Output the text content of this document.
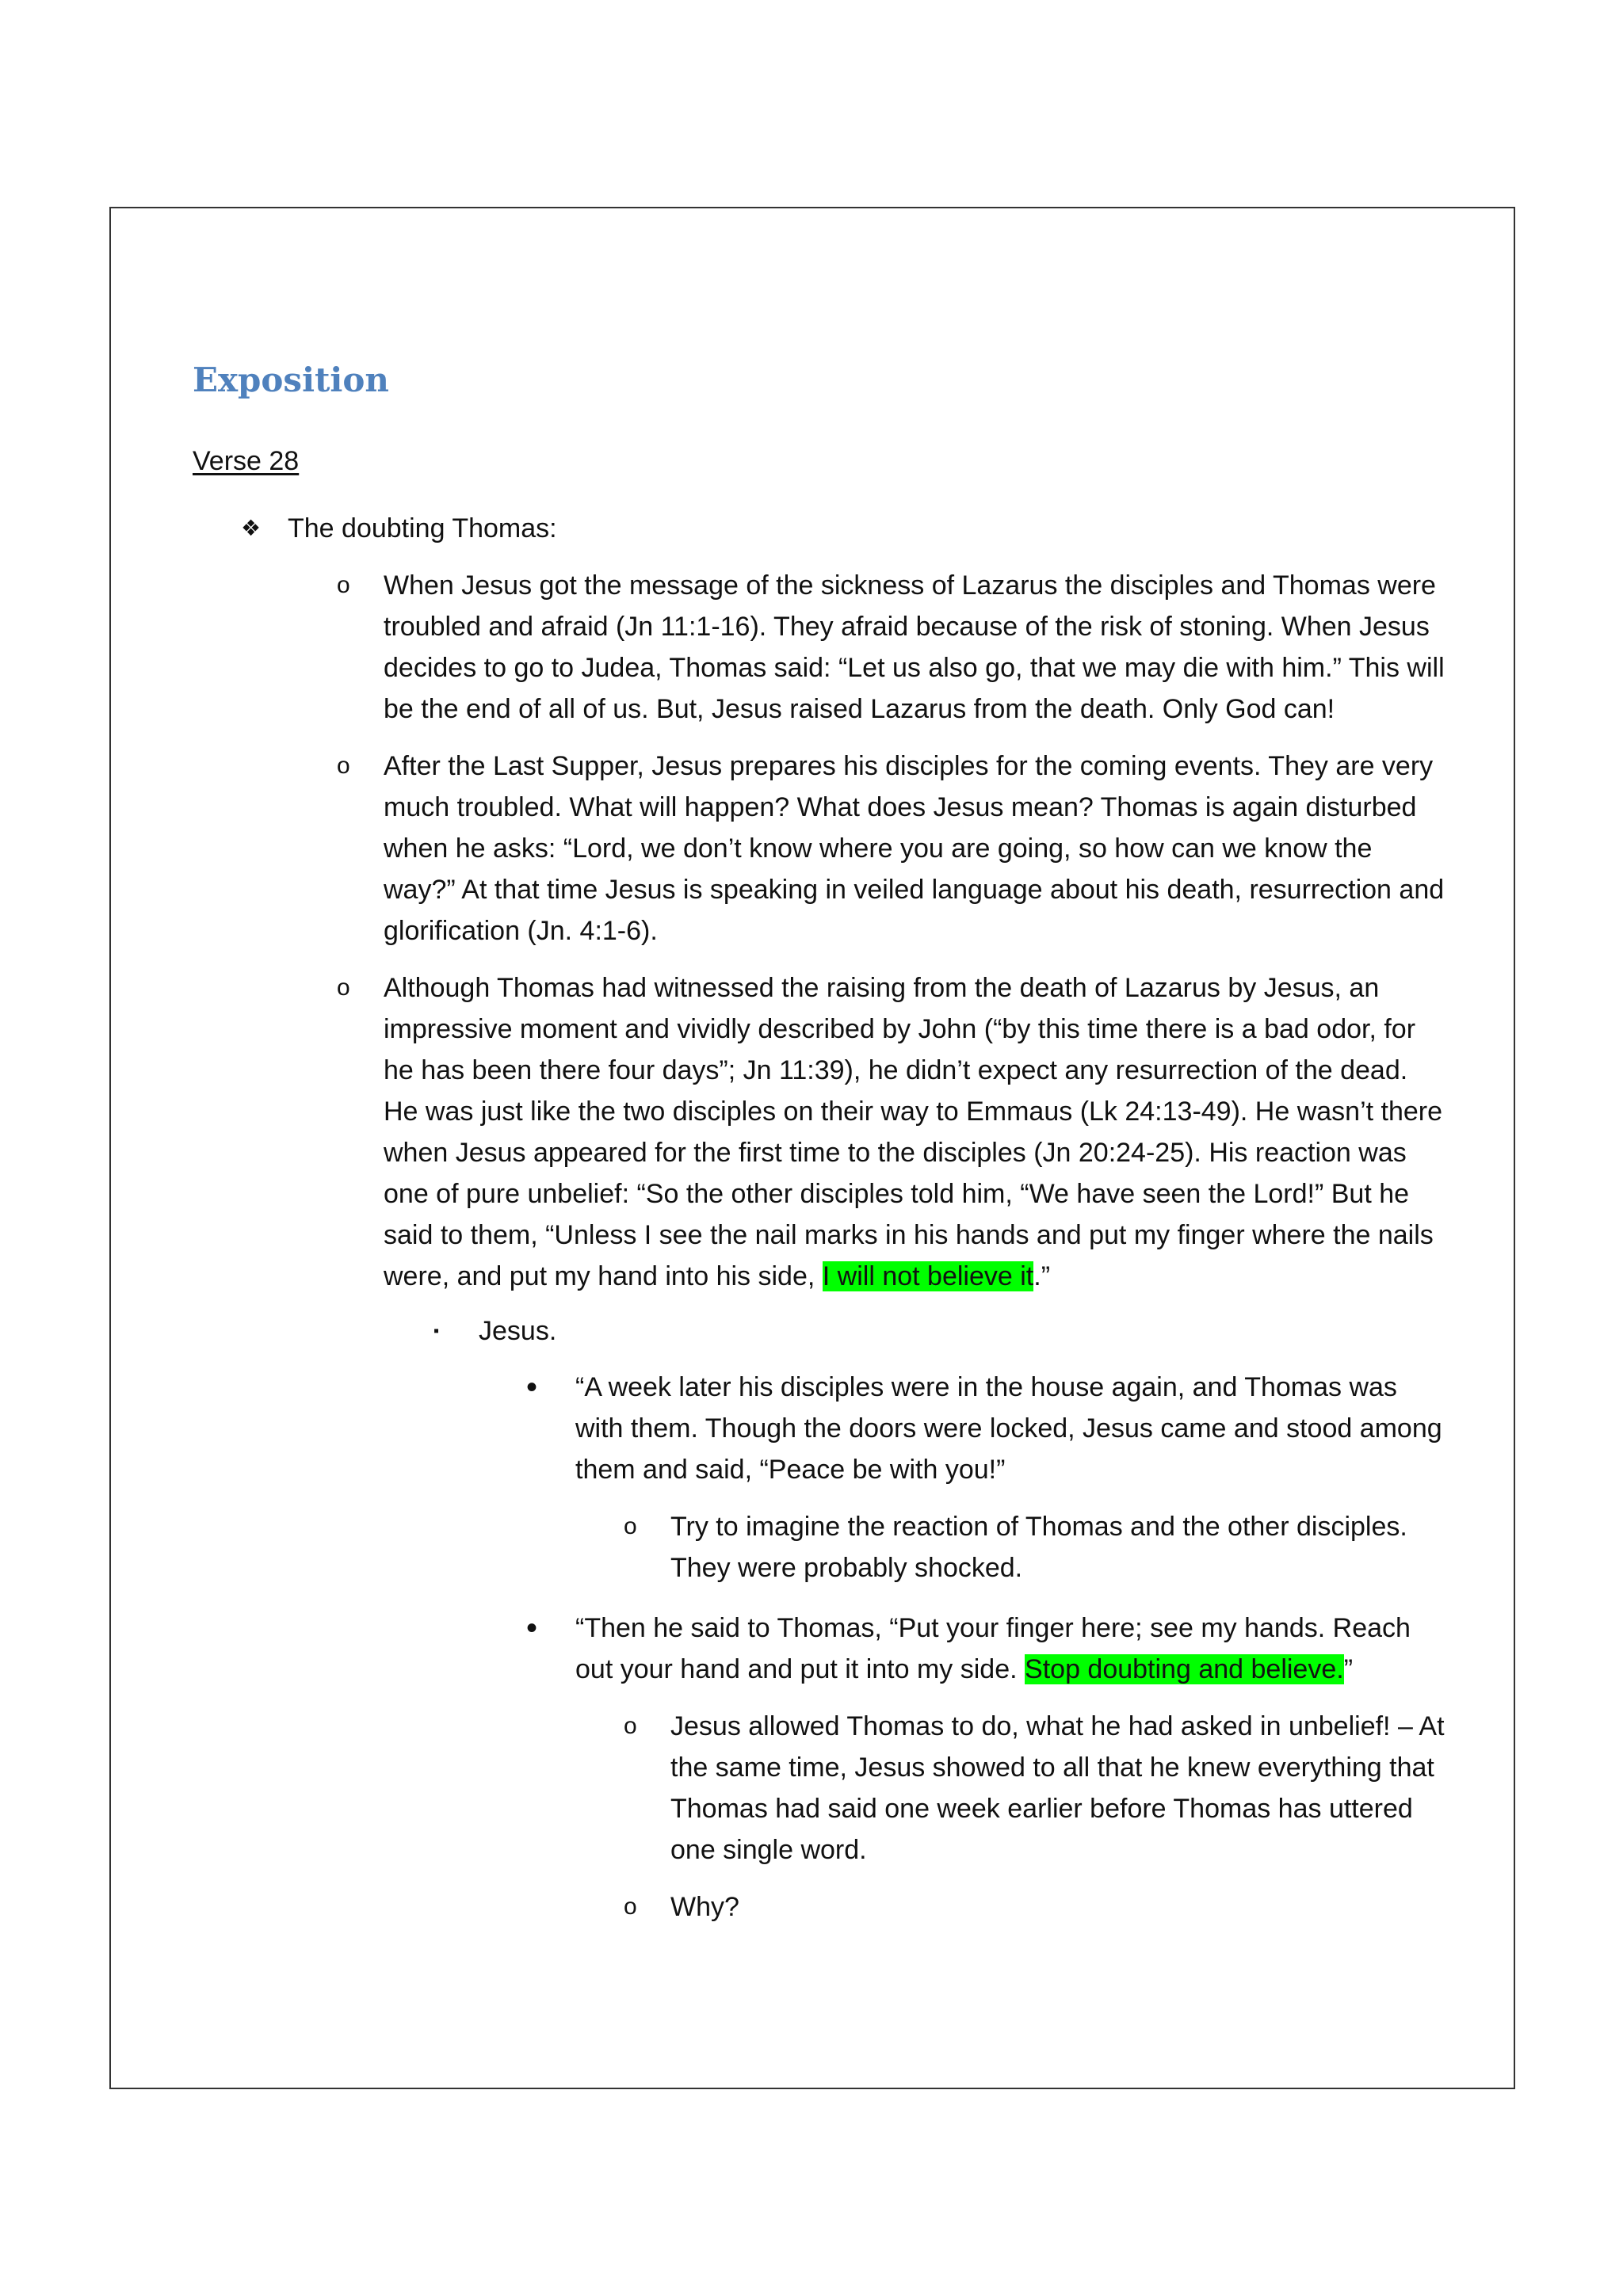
Exposition
Verse 28
❖ The doubting Thomas:
o When Jesus got the message of the sickness of Lazarus the disciples and Thomas were troubled and afraid (Jn 11:1-16). They afraid because of the risk of stoning. When Jesus decides to go to Judea, Thomas said: “Let us also go, that we may die with him.” This will be the end of all of us. But, Jesus raised Lazarus from the death. Only God can!
o After the Last Supper, Jesus prepares his disciples for the coming events. They are very much troubled. What will happen? What does Jesus mean? Thomas is again disturbed when he asks: “Lord, we don’t know where you are going, so how can we know the way?” At that time Jesus is speaking in veiled language about his death, resurrection and glorification (Jn. 4:1-6).
o Although Thomas had witnessed the raising from the death of Lazarus by Jesus, an impressive moment and vividly described by John (“by this time there is a bad odor, for he has been there four days”; Jn 11:39), he didn’t expect any resurrection of the dead. He was just like the two disciples on their way to Emmaus (Lk 24:13-49). He wasn’t there when Jesus appeared for the first time to the disciples (Jn 20:24-25). His reaction was one of pure unbelief: “So the other disciples told him, “We have seen the Lord!” But he said to them, “Unless I see the nail marks in his hands and put my finger where the nails were, and put my hand into his side, I will not believe it.”
▪ Jesus.
• “A week later his disciples were in the house again, and Thomas was with them. Though the doors were locked, Jesus came and stood among them and said, “Peace be with you!”
o Try to imagine the reaction of Thomas and the other disciples. They were probably shocked.
• “Then he said to Thomas, “Put your finger here; see my hands. Reach out your hand and put it into my side. Stop doubting and believe.”
o Jesus allowed Thomas to do, what he had asked in unbelief! – At the same time, Jesus showed to all that he knew everything that Thomas had said one week earlier before Thomas has uttered one single word.
o Why?
